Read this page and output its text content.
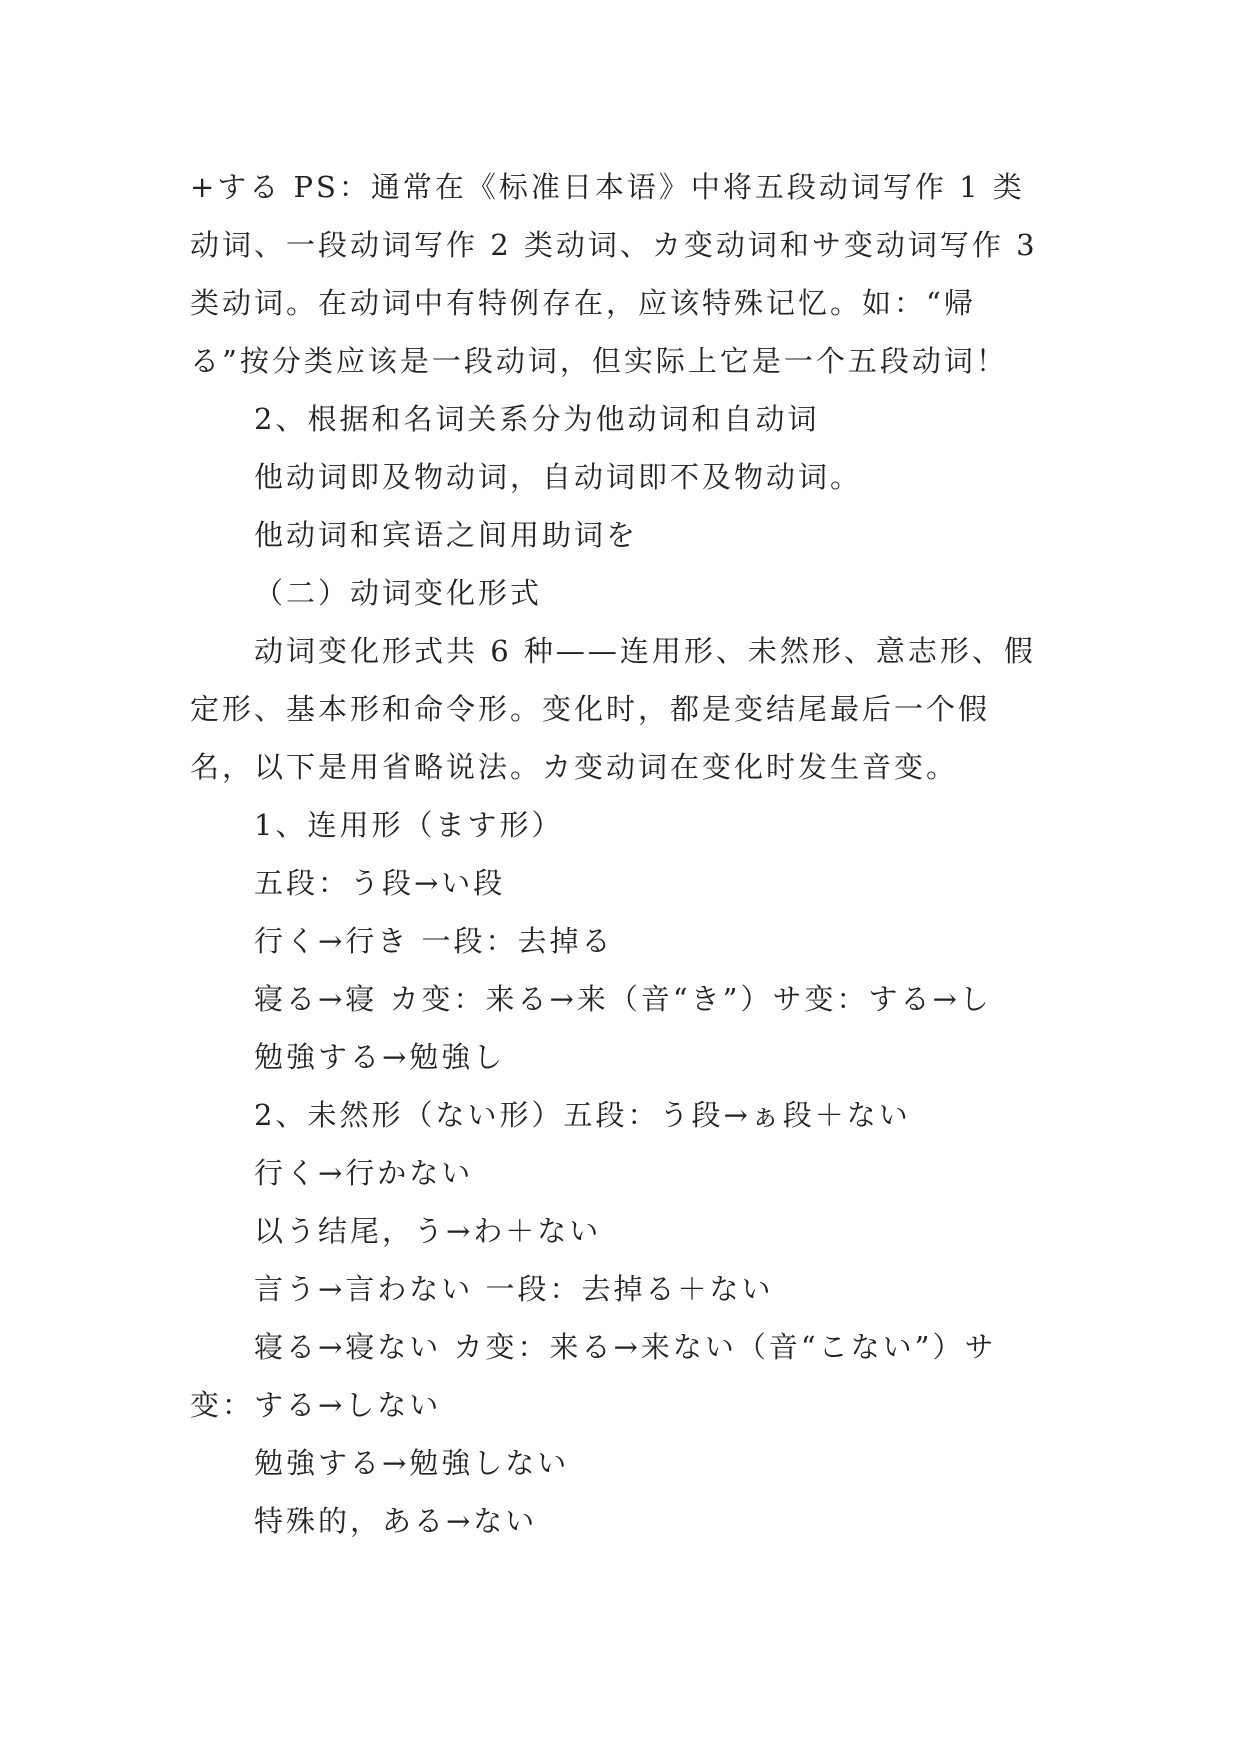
+する PS：通常在《标准日本语》中将五段动词写作 1 类动词、一段动词写作 2 类动词、カ变动词和サ变动词写作 3 类动词。在动词中有特例存在，应该特殊记忆。如：“帰る”按分类应该是一段动词，但实际上它是一个五段动词！

2、根据和名词关系分为他动词和自动词

他动词即及物动词，自动词即不及物动词。

他动词和宾语之间用助词を

（二）动词变化形式

动词变化形式共 6 种——连用形、未然形、意志形、假定形、基本形和命令形。变化时，都是变结尾最后一个假名，以下是用省略说法。カ变动词在变化时发生音变。

1、连用形（ます形）

五段：う段→い段

行く→行き 一段：去掉る

寝る→寝 カ变：来る→来（音“き”）サ变：する→し

勉強する→勉強し

2、未然形（ない形）五段：う段→ぁ段＋ない

行く→行かない

以う结尾，う→わ＋ない

言う→言わない 一段：去掉る＋ない

寝る→寝ない カ变：来る→来ない（音“こない”）サ变：する→しない

勉強する→勉強しない

特殊的，ある→ない
